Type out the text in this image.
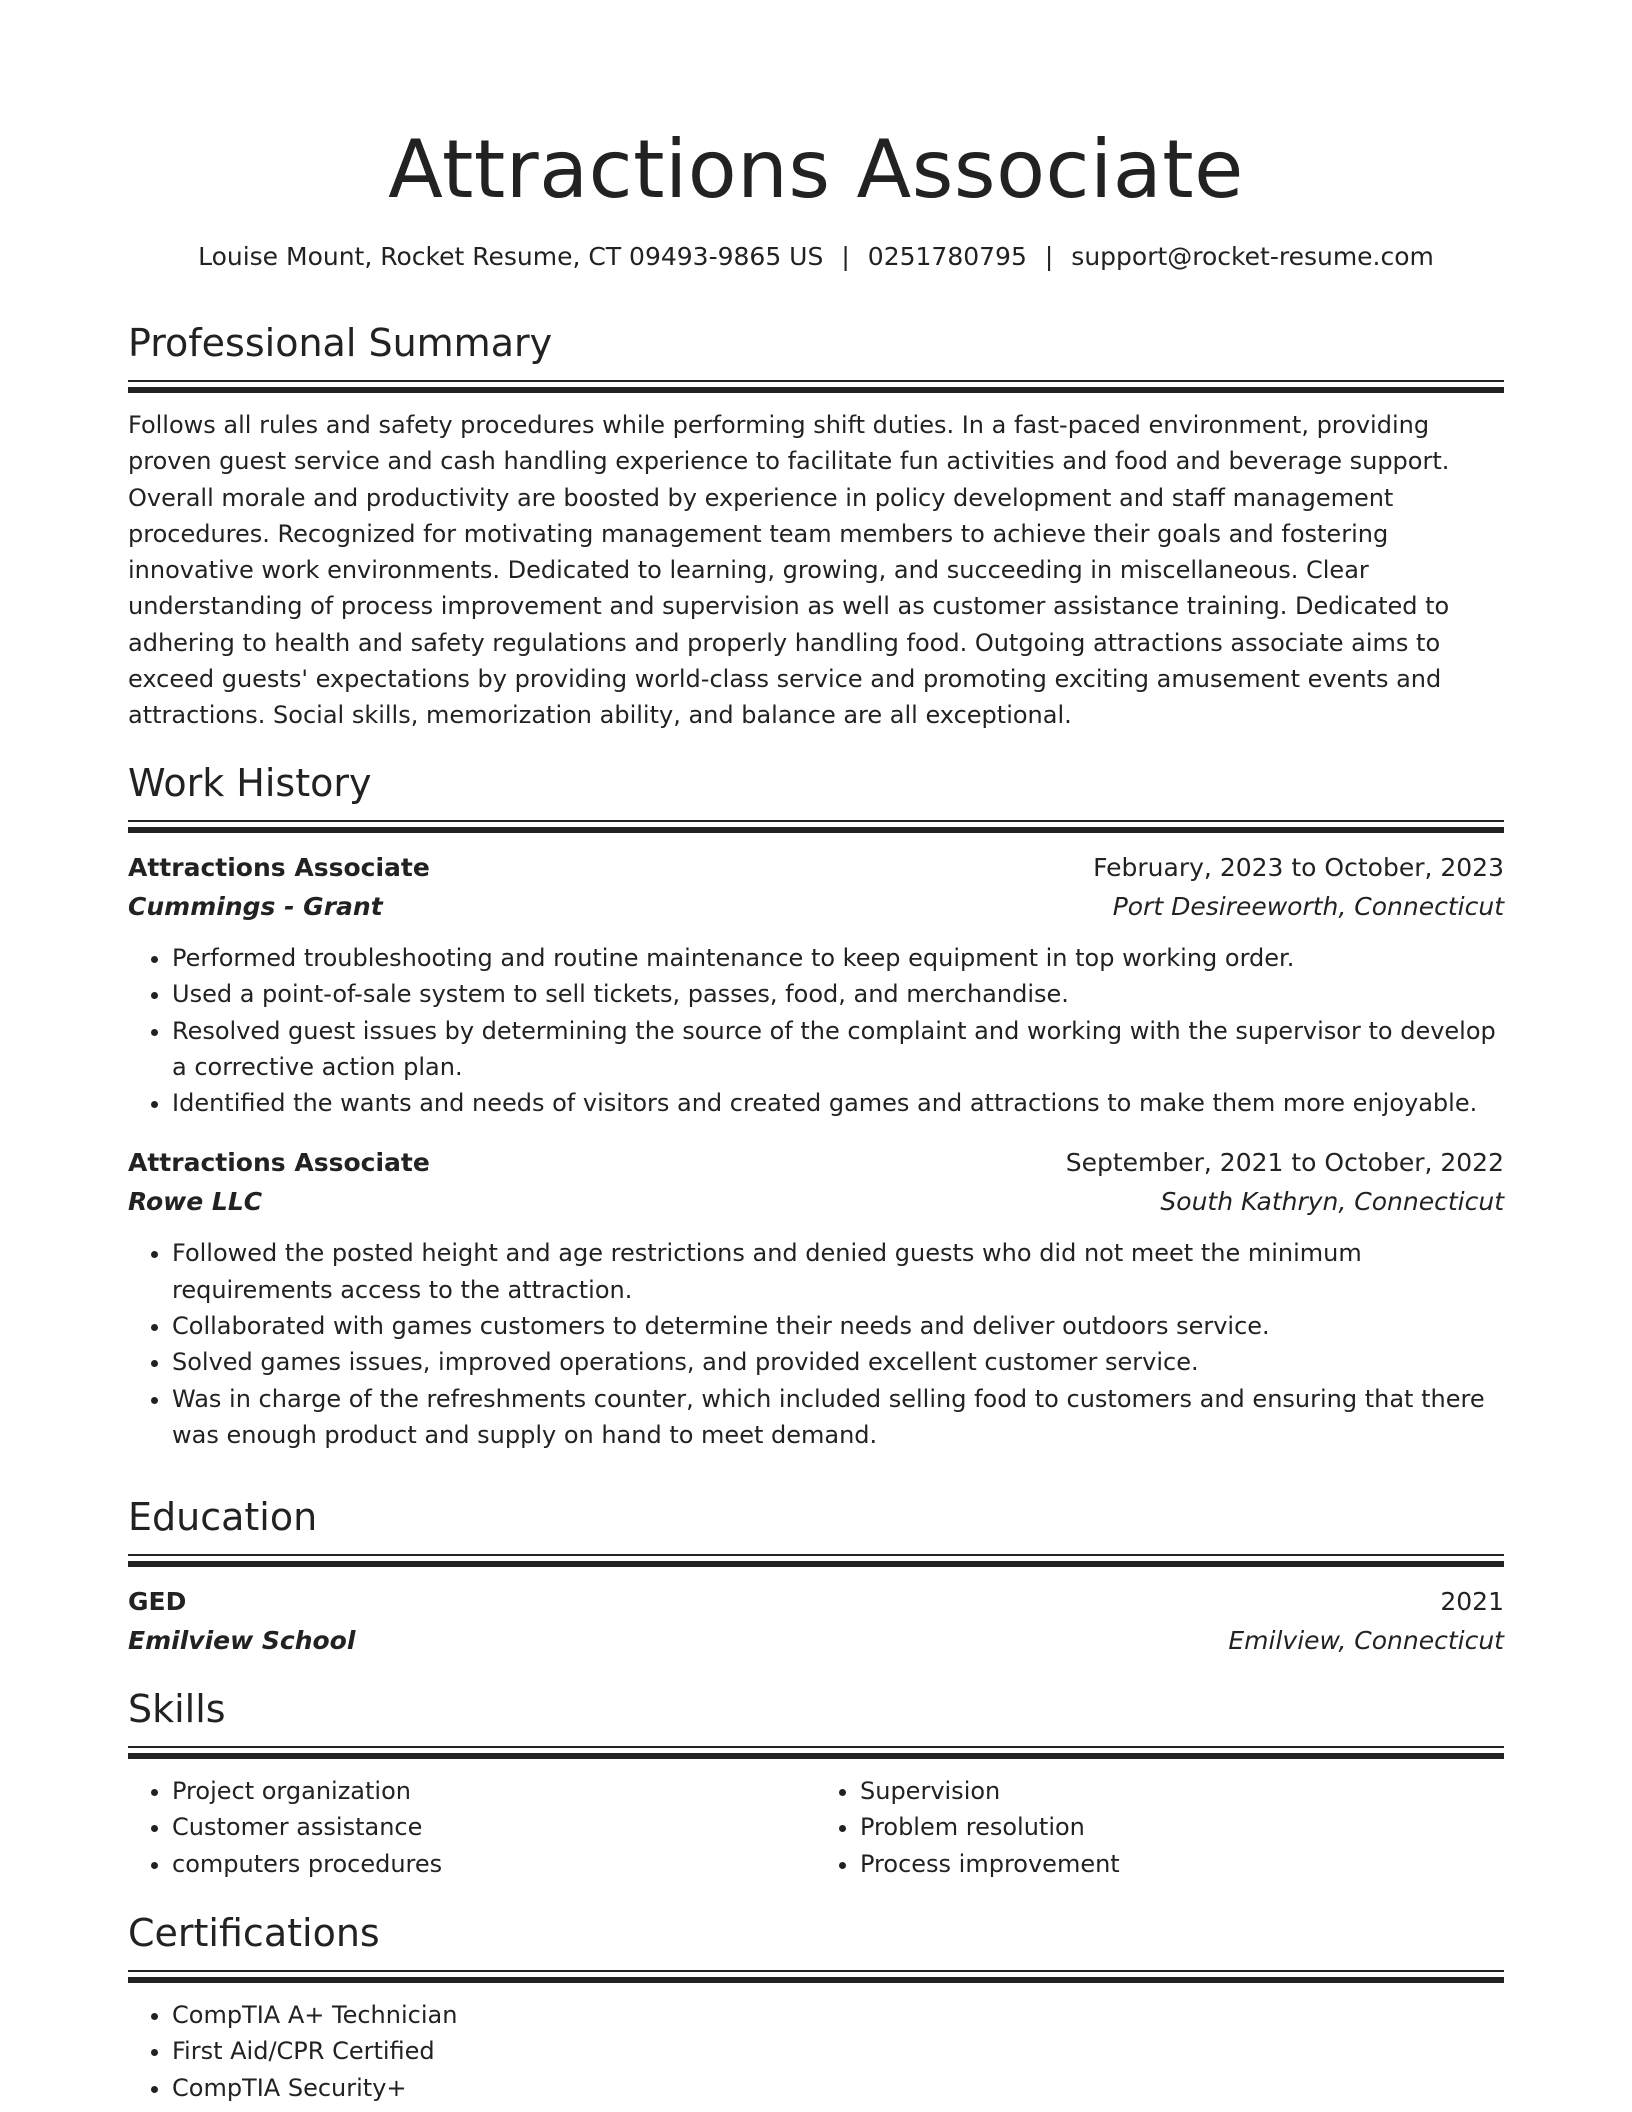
Attractions Associate
Louise Mount, Rocket Resume, CT 09493-9865 US | 0251780795 | support@rocket-resume.com
Professional Summary

Follows all rules and safety procedures while performing shift duties. In a fast-paced environment, providing proven guest service and cash handling experience to facilitate fun activities and food and beverage support. Overall morale and productivity are boosted by experience in policy development and staff management procedures. Recognized for motivating management team members to achieve their goals and fostering innovative work environments. Dedicated to learning, growing, and succeeding in miscellaneous. Clear understanding of process improvement and supervision as well as customer assistance training. Dedicated to adhering to health and safety regulations and properly handling food. Outgoing attractions associate aims to exceed guests' expectations by providing world-class service and promoting exciting amusement events and attractions. Social skills, memorization ability, and balance are all exceptional.

Work History
Attractions Associate	February, 2023 to October, 2023
Cummings - Grant	Port Desireeworth, Connecticut
• Performed troubleshooting and routine maintenance to keep equipment in top working order.
• Used a point-of-sale system to sell tickets, passes, food, and merchandise.
• Resolved guest issues by determining the source of the complaint and working with the supervisor to develop a corrective action plan.
• Identified the wants and needs of visitors and created games and attractions to make them more enjoyable.
Attractions Associate	September, 2021 to October, 2022
Rowe LLC	South Kathryn, Connecticut
• Followed the posted height and age restrictions and denied guests who did not meet the minimum requirements access to the attraction.
• Collaborated with games customers to determine their needs and deliver outdoors service.
• Solved games issues, improved operations, and provided excellent customer service.
• Was in charge of the refreshments counter, which included selling food to customers and ensuring that there was enough product and supply on hand to meet demand.
Education
GED	2021
Emilview School	Emilview, Connecticut
Skills
• Project organization
• Customer assistance
• computers procedures
• Supervision
• Problem resolution
• Process improvement
Certifications
• CompTIA A+ Technician
• First Aid/CPR Certified
• CompTIA Security+
